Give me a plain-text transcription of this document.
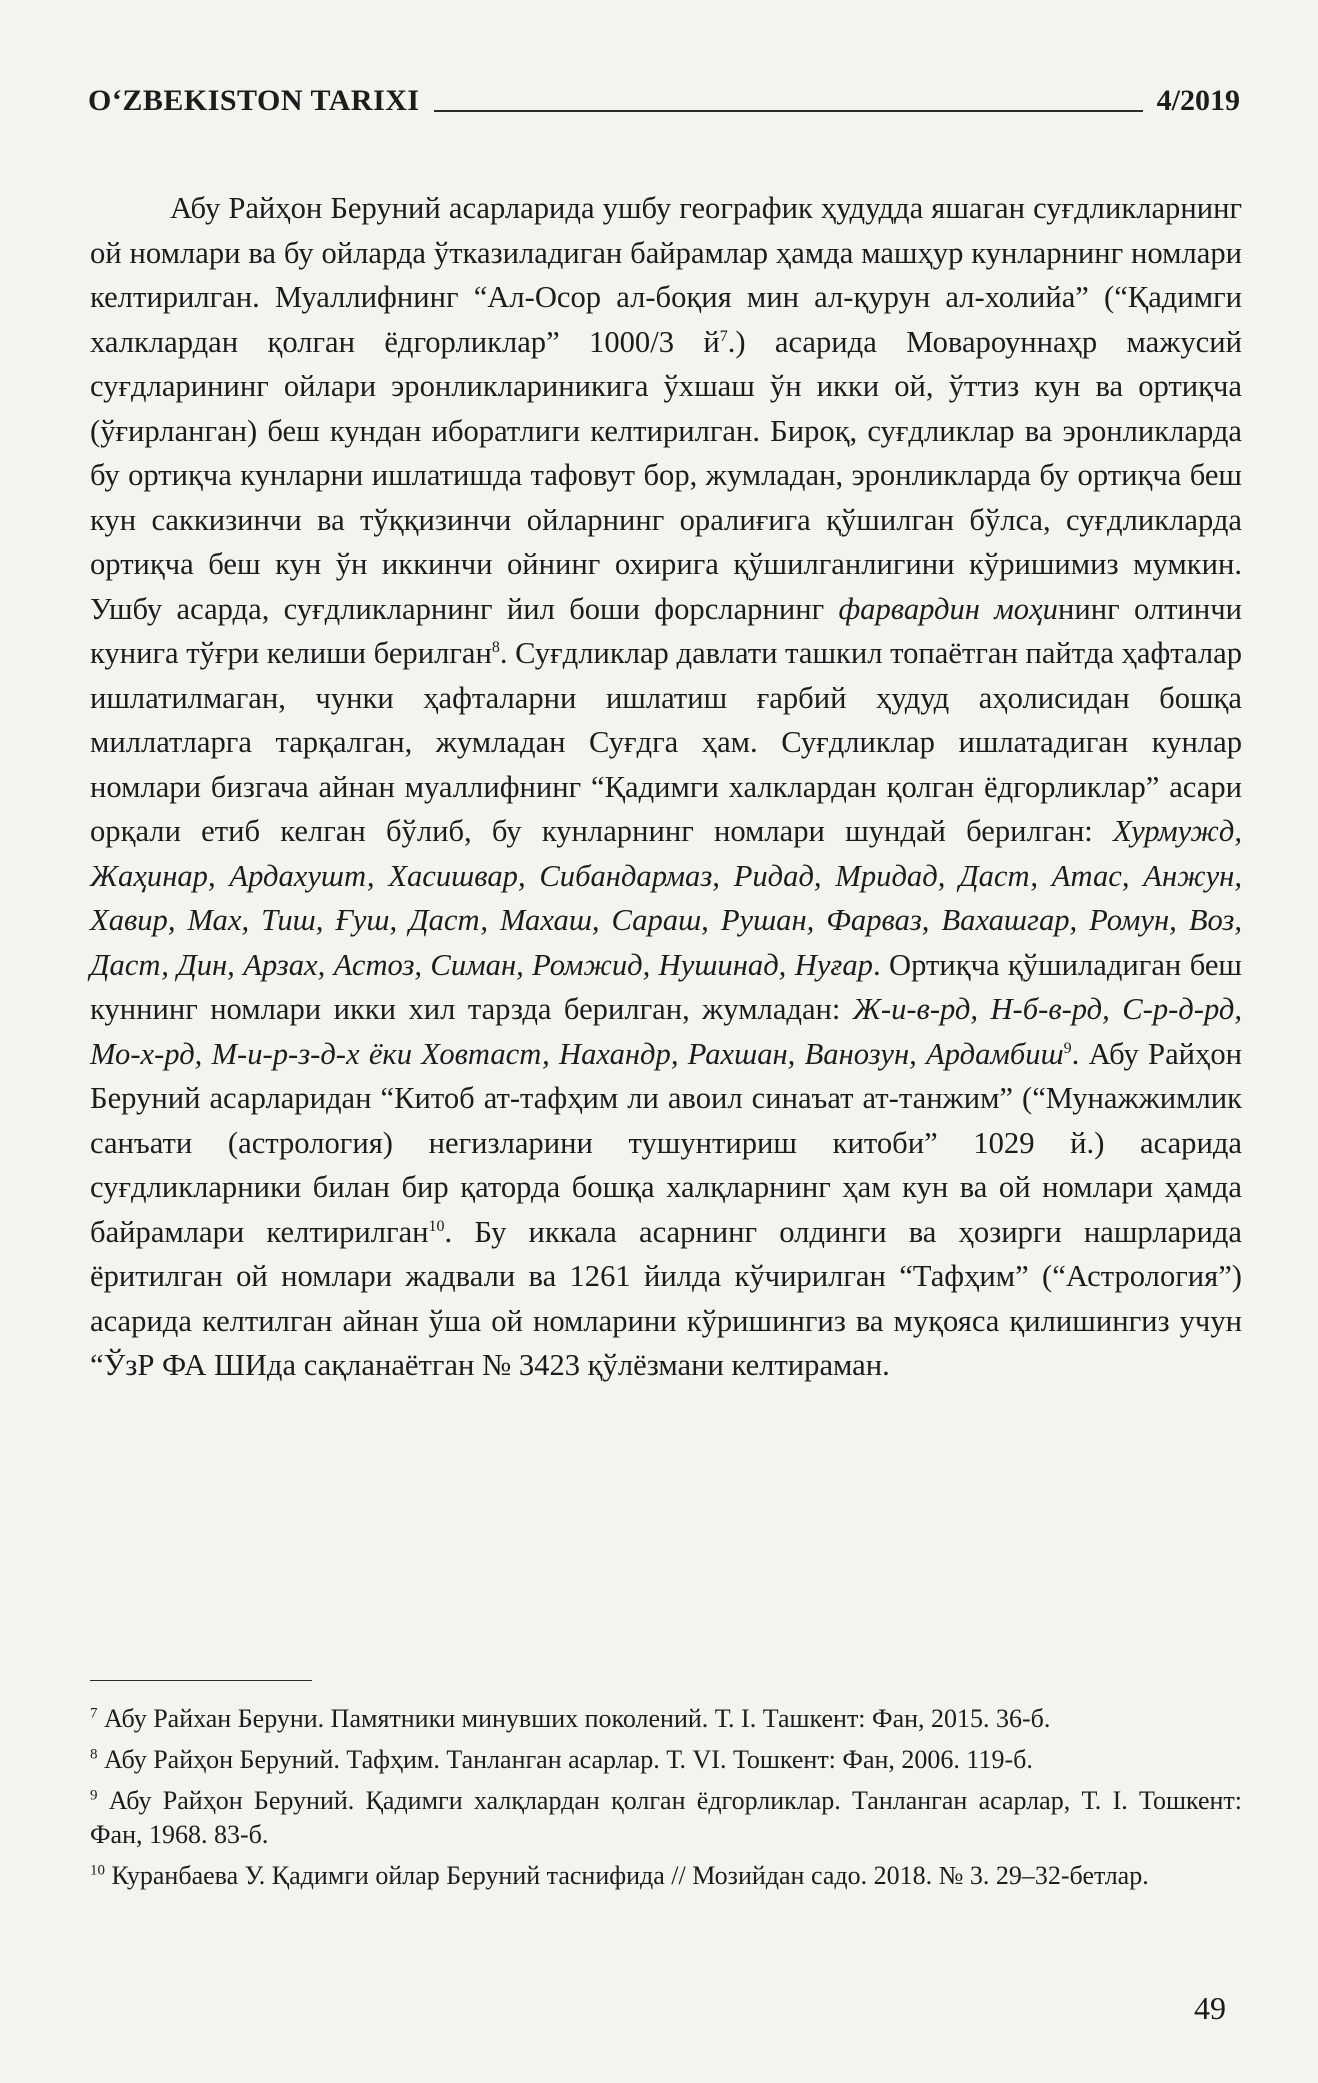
O‘ZBEKISTON TARIXI	4/2019

Абу Райҳон Беруний асарларида ушбу географик ҳудудда яшаган суғдликларнинг ой номлари ва бу ойларда ўтказиладиган байрамлар ҳамда машҳур кунларнинг номлари келтирилган. Муаллифнинг “Ал-Осор ал-боқия мин ал-қурун ал-холийа” (“Қадимги халклардан қолган ёдгорликлар” 1000/3 $й^7$.) асарида Мовароуннаҳр мажусий суғдларининг ойлари эронликлариникига ўхшаш ўн икки ой, ўттиз кун ва ортиқча (ўғирланган) беш кундан иборатлиги келтирилган. Бироқ, суғдликлар ва эронликларда бу ортиқча кунларни ишлатишда тафовут бор, жумладан, эронликларда бу ортиқча беш кун саккизинчи ва тўққизинчи ойларнинг оралиғига қўшилган бўлса, суғдликларда ортиқча беш кун ўн иккинчи ойнинг охирига қўшилганлигини кўришимиз мумкин. Ушбу асарда, суғдликларнинг йил боши форсларнинг фарвардин моҳининг олтинчи кунига тўғри келиши берилган$^8$. Суғдликлар давлати ташкил топаётган пайтда ҳафталар ишлатилмаган, чунки ҳафталарни ишлатиш ғарбий ҳудуд аҳолисидан бошқа миллатларга тарқалган, жумладан Суғдга ҳам. Суғдликлар ишлатадиган кунлар номлари бизгача айнан муаллифнинг “Қадимги халклардан қолган ёдгорликлар” асари орқали етиб келган бўлиб, бу кунларнинг номлари шундай берилган: Хурмужд, Жаҳинар, Ардахушт, Хасишвар, Сибандармаз, Ридад, Мридад, Даст, Атас, Анжун, Хавир, Мах, Тиш, Ғуш, Даст, Махаш, Сараш, Рушан, Фарваз, Вахашгар, Ромун, Воз, Даст, Дин, Арзах, Астоз, Симан, Ромжид, Нушинад, Нуғар. Ортиқча қўшиладиган беш куннинг номлари икки хил тарзда берилган, жумладан: Ж-и-в-рд, Н-б-в-рд, С-р-д-рд, Мо-х-рд, М-и-р-з-д-х ёки Ховтаст, Нахандр, Рахшан, Ванозун, Ардамбиш$^9$. Абу Райҳон Беруний асарларидан “Китоб ат-тафҳим ли авоил синаъат ат-танжим” (“Мунажжимлик санъати (астрология) негизларини тушунтириш китоби” 1029 й.) асарида суғдликларники билан бир қаторда бошқа халқларнинг ҳам кун ва ой номлари ҳамда байрамлари келтирилган$^{10}$. Бу иккала асарнинг олдинги ва ҳозирги нашрларида ёритилган ой номлари жадвали ва 1261 йилда кўчирилган “Тафҳим” (“Астрология”) асарида келтилган айнан ўша ой номларини кўришингиз ва муқояса қилишингиз учун “ЎзР ФА ШИда сақланаётган № 3423 қўлёзмани келтираман.

$^7$ Абу Райхан Беруни. Памятники минувших поколений. Т. I. Ташкент: Фан, 2015. 36-б.

$^8$ Абу Райҳон Беруний. Тафҳим. Танланган асарлар. Т. VI. Тошкент: Фан, 2006. 119-б.

$^9$ Абу Райҳон Беруний. Қадимги халқлардан қолган ёдгорликлар. Танланган асарлар, Т. I. Тошкент: Фан, 1968. 83-б.

$^{10}$ Куранбаева У. Қадимги ойлар Беруний таснифида // Мозийдан садо. 2018. № 3. 29–32-бетлар.

49
